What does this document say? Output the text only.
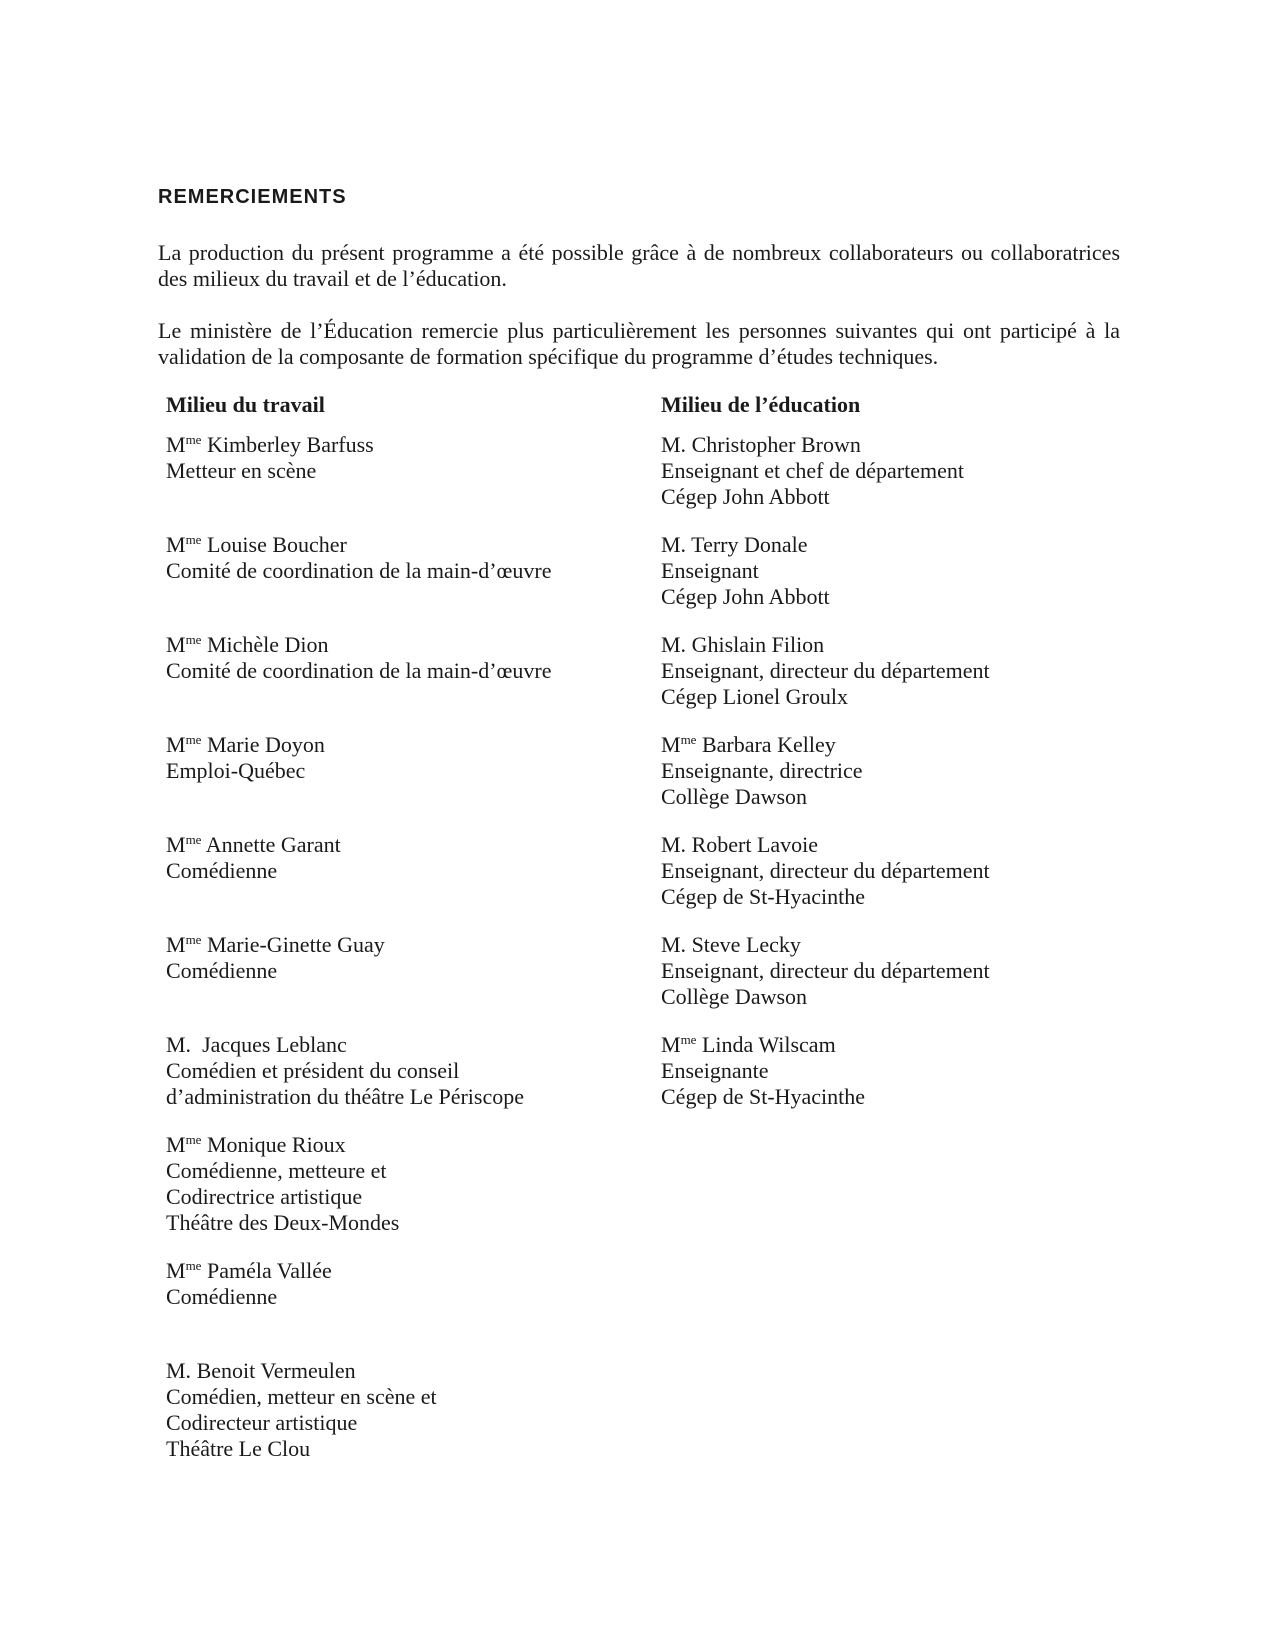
REMERCIEMENTS

La production du présent programme a été possible grâce à de nombreux collaborateurs ou collaboratrices des milieux du travail et de l’éducation.

Le ministère de l’Éducation remercie plus particulièrement les personnes suivantes qui ont participé à la validation de la composante de formation spécifique du programme d’études techniques.

Milieu du travail
$M^{me}$ Kimberley Barfuss
Metteur en scène
$M^{me}$ Louise Boucher
Comité de coordination de la main-d’œuvre
$M^{me}$ Michèle Dion
Comité de coordination de la main-d’œuvre
$M^{me}$ Marie Doyon
Emploi-Québec
$M^{me}$ Annette Garant
Comédienne
$M^{me}$ Marie-Ginette Guay
Comédienne
M.  Jacques Leblanc
Comédien et président du conseil
d’administration du théâtre Le Périscope
$M^{me}$ Monique Rioux
Comédienne, metteure et
Codirectrice artistique
Théâtre des Deux-Mondes
$M^{me}$ Paméla Vallée
Comédienne
M. Benoit Vermeulen
Comédien, metteur en scène et
Codirecteur artistique
Théâtre Le Clou
Milieu de l’éducation
M. Christopher Brown
Enseignant et chef de département
Cégep John Abbott
M. Terry Donale
Enseignant
Cégep John Abbott
M. Ghislain Filion
Enseignant, directeur du département
Cégep Lionel Groulx
$M^{me}$ Barbara Kelley
Enseignante, directrice
Collège Dawson
M. Robert Lavoie
Enseignant, directeur du département
Cégep de St-Hyacinthe
M. Steve Lecky
Enseignant, directeur du département
Collège Dawson
$M^{me}$ Linda Wilscam
Enseignante
Cégep de St-Hyacinthe
